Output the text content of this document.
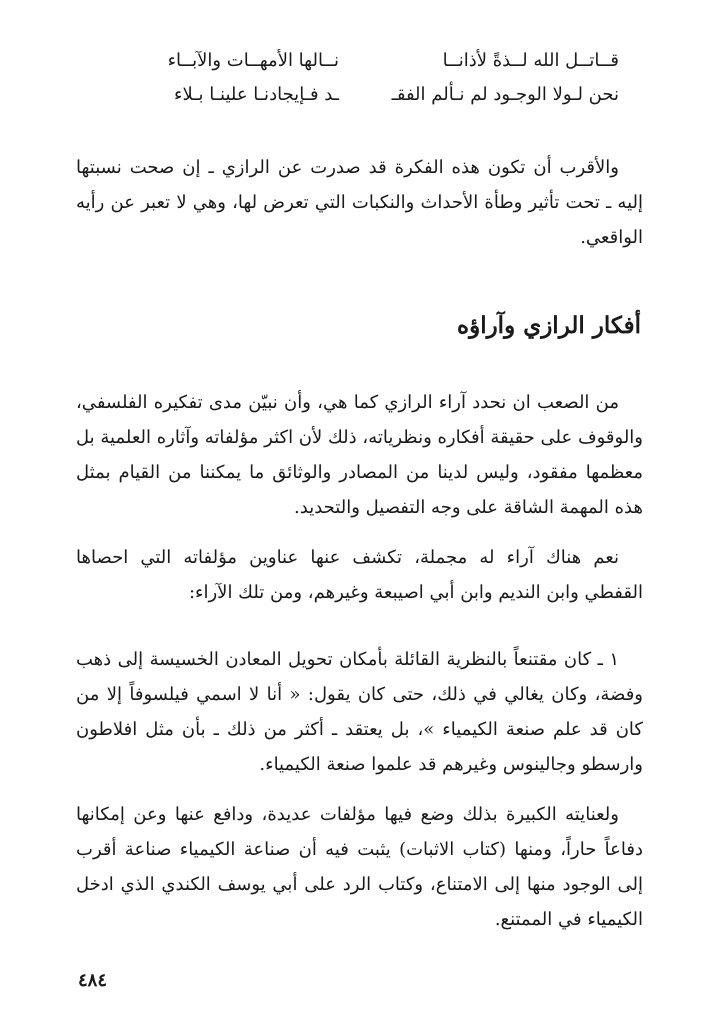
قــاتــل الله لــذةً لأذانــا
نــالها الأمهــات والآبــاء
نحن لـولا الوجـود لم نـألم الفقـ
ـد فـإيجادنـا علينـا بـلاء

والأقرب أن تكون هذه الفكرة قد صدرت عن الرازي ـ إن صحت نسبتها إليه ـ تحت تأثير وطأة الأحداث والنكبات التي تعرض لها، وهي لا تعبر عن رأيه الواقعي.

أفكار الرازي وآراؤه

من الصعب ان نحدد آراء الرازي كما هي، وأن نبيّن مدى تفكيره الفلسفي، والوقوف على حقيقة أفكاره ونظرياته، ذلك لأن اكثر مؤلفاته وآثاره العلمية بل معظمها مفقود، وليس لدينا من المصادر والوثائق ما يمكننا من القيام بمثل هذه المهمة الشاقة على وجه التفصيل والتحديد.

نعم هناك آراء له مجملة، تكشف عنها عناوين مؤلفاته التي احصاها القفطي وابن النديم وابن أبي اصيبعة وغيرهم، ومن تلك الآراء:

١ ـ كان مقتنعاً بالنظرية القائلة بأمكان تحويل المعادن الخسيسة إلى ذهب وفضة، وكان يغالي في ذلك، حتى كان يقول: « أنا لا اسمي فيلسوفاً إلا من كان قد علم صنعة الكيمياء »، بل يعتقد ـ أكثر من ذلك ـ بأن مثل افلاطون وارسطو وجالينوس وغيرهم قد علموا صنعة الكيمياء.

ولعنايته الكبيرة بذلك وضع فيها مؤلفات عديدة، ودافع عنها وعن إمكانها دفاعاً حاراً، ومنها (كتاب الاثبات) يثبت فيه أن صناعة الكيمياء صناعة أقرب إلى الوجود منها إلى الامتناع، وكتاب الرد على أبي يوسف الكندي الذي ادخل الكيمياء في الممتنع.

٤٨٤
